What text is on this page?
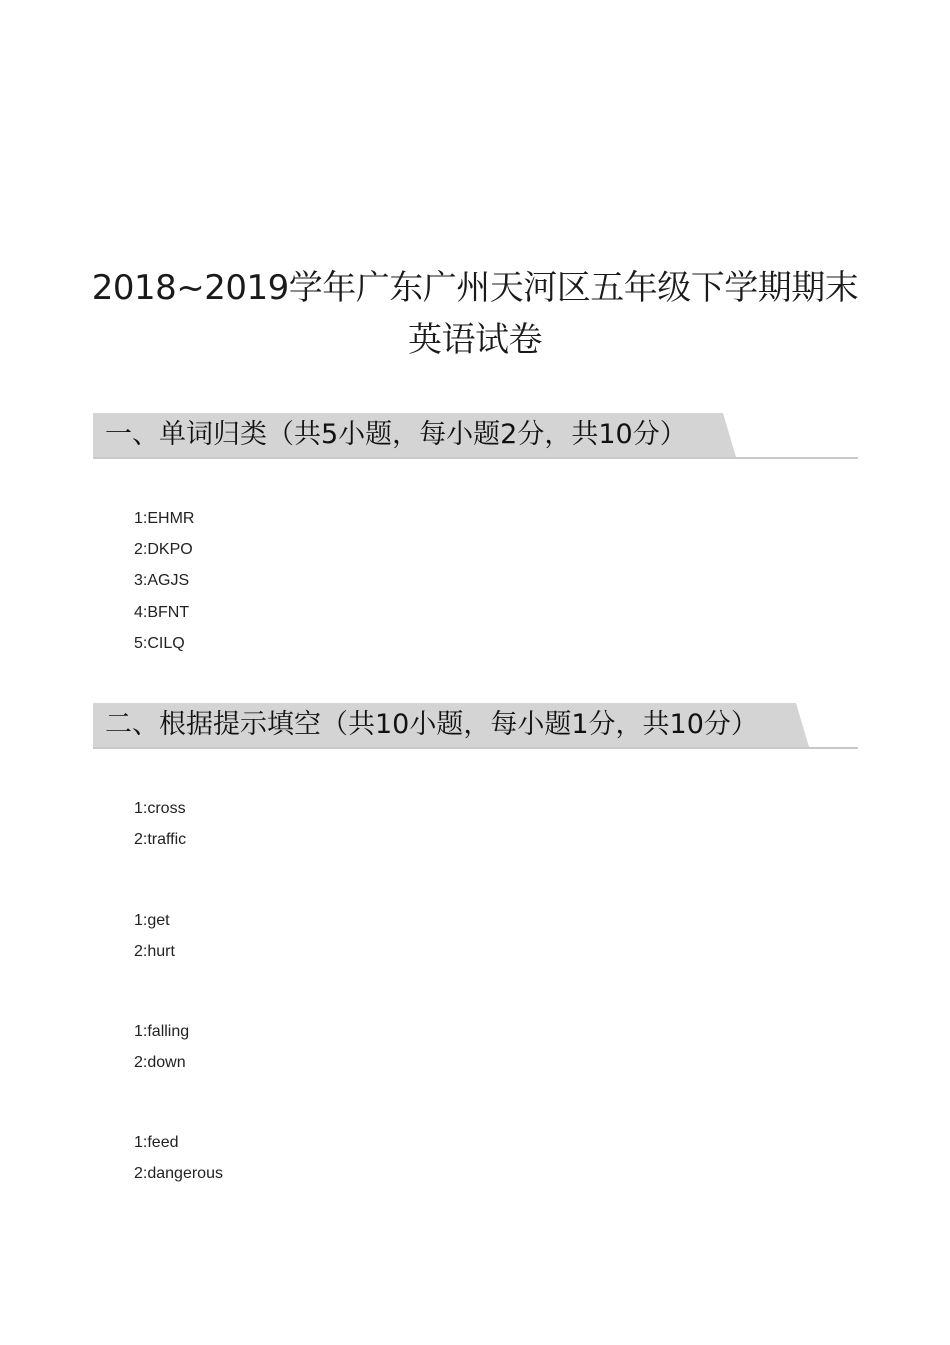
2018~2019学年广东广州天河区五年级下学期期末
英语试卷
一、单词归类（共5小题，每小题2分，共10分）
1:EHMR
2:DKPO
3:AGJS
4:BFNT
5:CILQ
二、根据提示填空（共10小题，每小题1分，共10分）
1:cross
2:traffic
1:get
2:hurt
1:falling
2:down
1:feed
2:dangerous
